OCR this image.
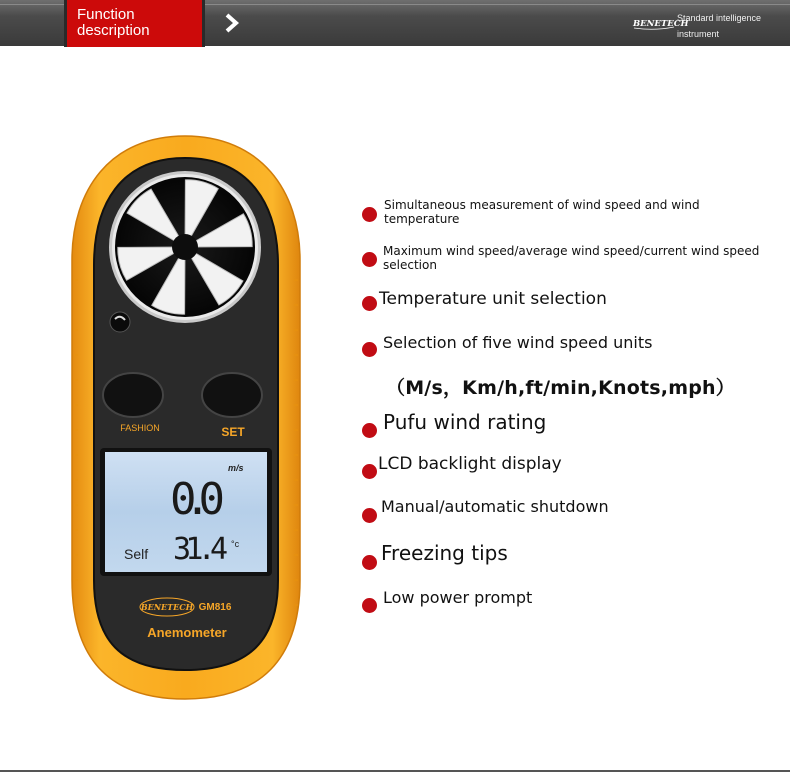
Function
description	BENETECH
Standard intelligence
instrument
FASHION	SET
m/s
0.0
Self 31.4 °c
BENETECH GM816
Anemometer
Simultaneous measurement of wind speed and wind
temperature
Maximum wind speed/average wind speed/current wind speed
selection
Temperature unit selection
Selection of five wind speed units
（M/s，Km/h,ft/min,Knots,mph）
Pufu wind rating
LCD backlight display
Manual/automatic shutdown
Freezing tips
Low power prompt
